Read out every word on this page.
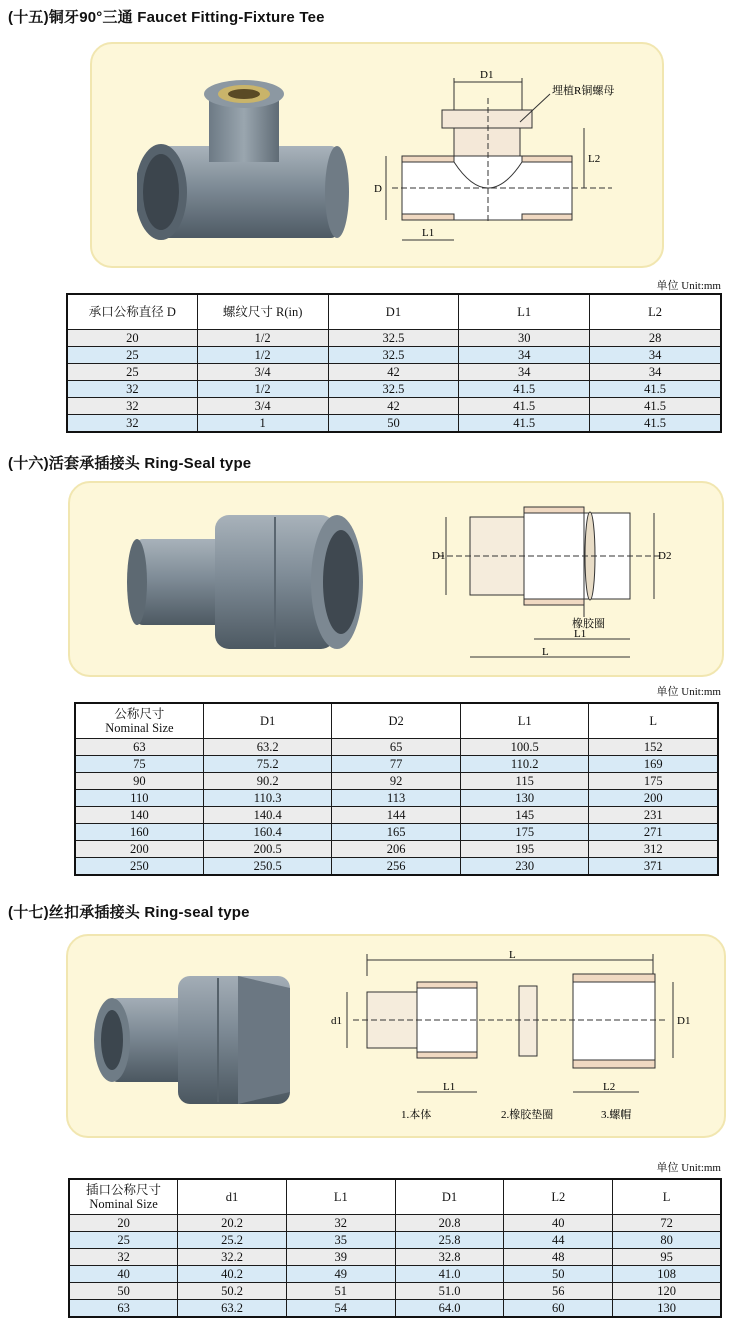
(十五)铜牙90°三通 Faucet Fitting-Fixture Tee
D1
埋植R铜螺母
L2
D
L1
单位 Unit:mm
承口公称直径 D	螺纹尺寸 R(in)	D1	L1	L2
20	1/2	32.5	30	28
25	1/2	32.5	34	34
25	3/4	42	34	34
32	1/2	32.5	41.5	41.5
32	3/4	42	41.5	41.5
32	1	50	41.5	41.5
(十六)活套承插接头 Ring-Seal type
D1	D2
橡胶圈
L1
L
单位 Unit:mm
公称尺寸
Nominal Size	D1	D2	L1	L
63	63.2	65	100.5	152
75	75.2	77	110.2	169
90	90.2	92	115	175
110	110.3	113	130	200
140	140.4	144	145	231
160	160.4	165	175	271
200	200.5	206	195	312
250	250.5	256	230	371
(十七)丝扣承插接头 Ring-seal type
L
d1	D1
L1	L2
1.本体	2.橡胶垫圈	3.螺帽
单位 Unit:mm
插口公称尺寸
Nominal Size	d1	L1	D1	L2	L
20	20.2	32	20.8	40	72
25	25.2	35	25.8	44	80
32	32.2	39	32.8	48	95
40	40.2	49	41.0	50	108
50	50.2	51	51.0	56	120
63	63.2	54	64.0	60	130
